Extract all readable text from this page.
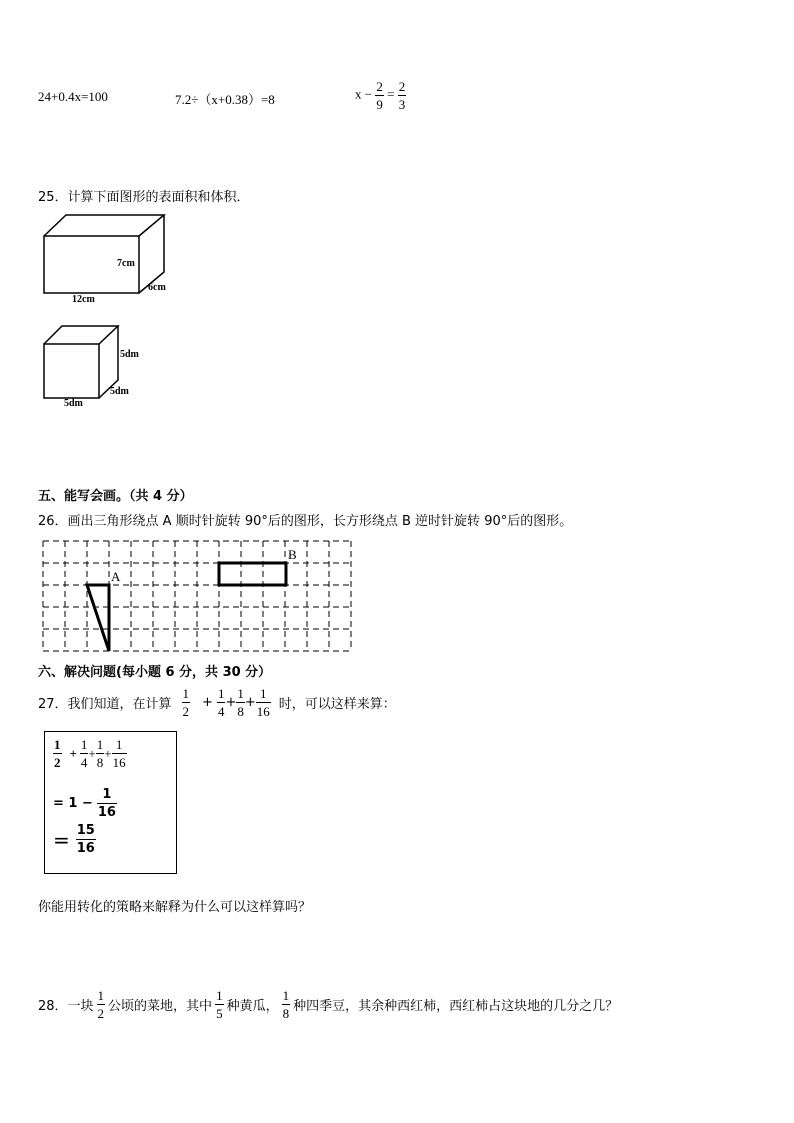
24+0.4x=100	7.2÷（x+0.38）=8	$x - \frac{2}{9} = \frac{2}{3}$
25．计算下面图形的表面积和体积．
7cm
6cm
12cm
5dm
5dm
5dm
五、能写会画。（共 4 分）
26．画出三角形绕点 A 顺时针旋转 90°后的图形，长方形绕点 B 逆时针旋转 90°后的图形。
A
B
六、解决问题(每小题 6 分，共 30 分）
27．我们知道，在计算 $\frac{1}{2} + \frac{1}{4} + \frac{1}{8} + \frac{1}{16}$ 时，可以这样来算：
$\frac{1}{2} + \frac{1}{4} + \frac{1}{8} + \frac{1}{16}$
= $1 - \frac{1}{16}$
= $\frac{15}{16}$
你能用转化的策略来解释为什么可以这样算吗？
28．一块 $\frac{1}{2}$ 公顷的菜地，其中 $\frac{1}{5}$ 种黄瓜， $\frac{1}{8}$ 种四季豆，其余种西红柿，西红柿占这块地的几分之几？
